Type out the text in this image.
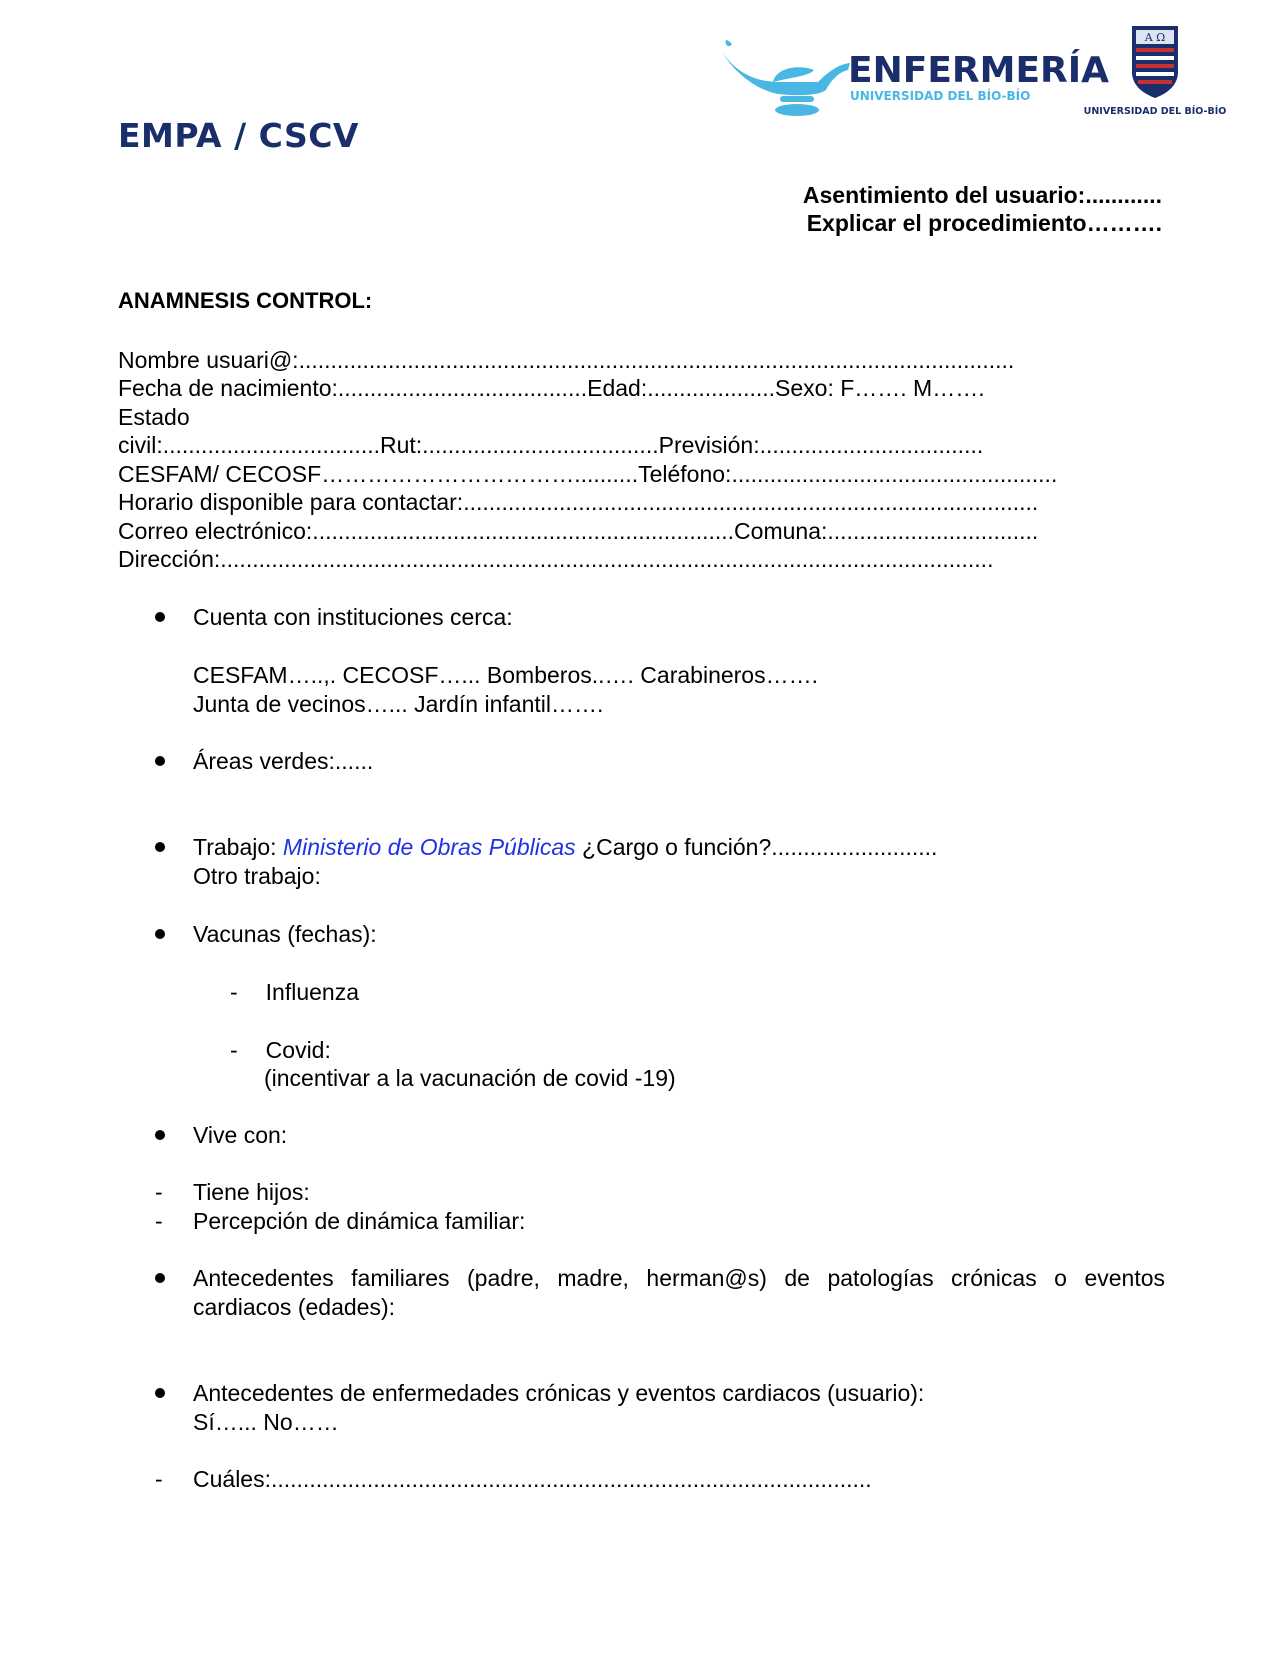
EMPA / CSCV
ENFERMERÍA
UNIVERSIDAD DEL BÍO-BÍO
A Ω
UNIVERSIDAD DEL BÍO-BÍO
Asentimiento del usuario:............
Explicar el procedimiento……….
ANAMNESIS CONTROL:
Nombre usuari@:................................................................................................................
Fecha de nacimiento:.......................................Edad:....................Sexo: F……. M…….
Estado
civil:..................................Rut:.....................................Previsión:...................................
CESFAM/ CECOSF……………………………..........Teléfono:...................................................
Horario disponible para contactar:..........................................................................................
Correo electrónico:..................................................................Comuna:.................................
Dirección:.........................................................................................................................
Cuenta con instituciones cerca:
CESFAM…..,. CECOSF…... Bomberos..…. Carabineros…….
Junta de vecinos…... Jardín infantil…….
Áreas verdes:......
Trabajo: Ministerio de Obras Públicas ¿Cargo o función?..........................
Otro trabajo:
Vacunas (fechas):
- Influenza
- Covid:
(incentivar a la vacunación de covid -19)
Vive con:
-	Tiene hijos:
-	Percepción de dinámica familiar:
Antecedentes familiares (padre, madre, herman@s) de patologías crónicas o eventos cardiacos (edades):
Antecedentes de enfermedades crónicas y eventos cardiacos (usuario):
Sí…... No……
-	Cuáles:..............................................................................................
